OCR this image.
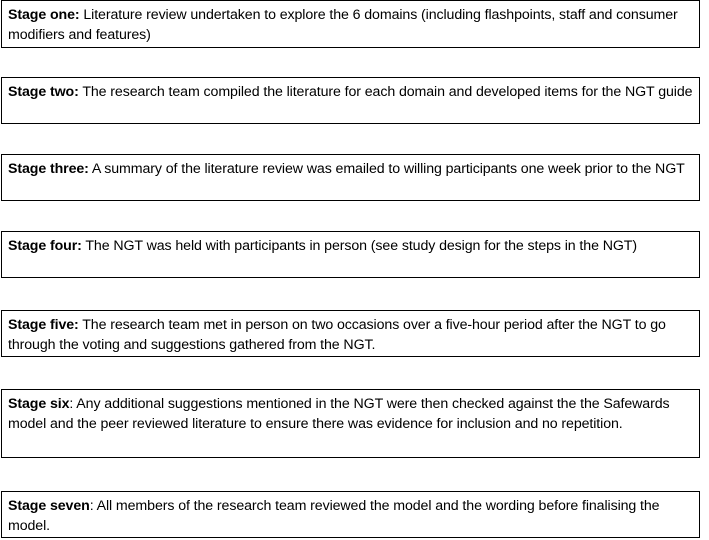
Stage one: Literature review undertaken to explore the 6 domains (including flashpoints, staff and consumer modifiers and features)
Stage two: The research team compiled the literature for each domain and developed items for the NGT guide
Stage three: A summary of the literature review was emailed to willing participants one week prior to the NGT
Stage four: The NGT was held with participants in person (see study design for the steps in the NGT)
Stage five: The research team met in person on two occasions over a five-hour period after the NGT to go through the voting and suggestions gathered from the NGT.
Stage six: Any additional suggestions mentioned in the NGT were then checked against the the Safewards model and the peer reviewed literature to ensure there was evidence for inclusion and no repetition.
Stage seven: All members of the research team reviewed the model and the wording before finalising the model.
